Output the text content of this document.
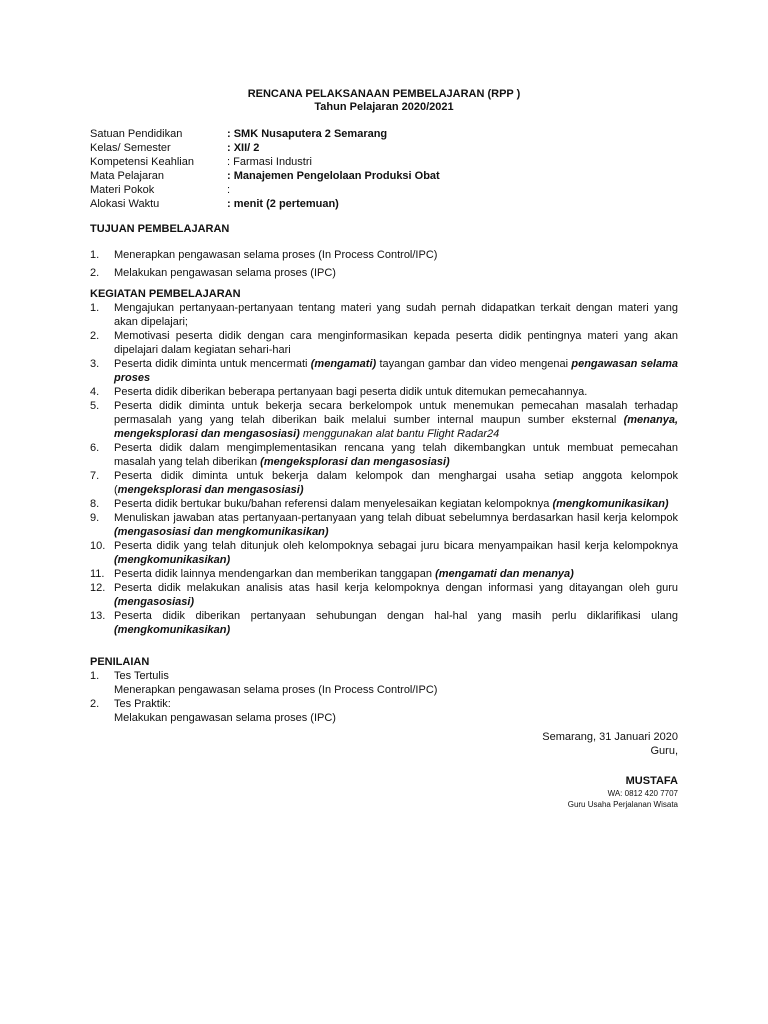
RENCANA PELAKSANAAN PEMBELAJARAN (RPP )
Tahun Pelajaran 2020/2021
Satuan Pendidikan	: SMK Nusaputera 2 Semarang
Kelas/ Semester	: XII/ 2
Kompetensi Keahlian	: Farmasi Industri
Mata Pelajaran	: Manajemen Pengelolaan Produksi Obat
Materi Pokok	:
Alokasi Waktu	: menit (2 pertemuan)
TUJUAN PEMBELAJARAN
1.	Menerapkan pengawasan selama proses (In Process Control/IPC)
2.	Melakukan pengawasan selama proses (IPC)
KEGIATAN PEMBELAJARAN
1.	Mengajukan pertanyaan-pertanyaan tentang materi yang sudah pernah didapatkan terkait dengan materi yang akan dipelajari;
2.	Memotivasi peserta didik dengan cara menginformasikan kepada peserta didik pentingnya materi yang akan dipelajari dalam kegiatan sehari-hari
3.	Peserta didik diminta untuk mencermati (mengamati) tayangan gambar dan video mengenai pengawasan selama proses
4.	Peserta didik diberikan beberapa pertanyaan bagi peserta didik untuk ditemukan pemecahannya.
5.	Peserta didik diminta untuk bekerja secara berkelompok untuk menemukan pemecahan masalah terhadap permasalah yang yang telah diberikan baik melalui sumber internal maupun sumber eksternal (menanya, mengeksplorasi dan mengasosiasi) menggunakan alat bantu Flight Radar24
6.	Peserta didik dalam mengimplementasikan rencana yang telah dikembangkan untuk membuat pemecahan masalah yang telah diberikan (mengeksplorasi dan mengasosiasi)
7.	Peserta didik diminta untuk bekerja dalam kelompok dan menghargai usaha setiap anggota kelompok (mengeksplorasi dan mengasosiasi)
8.	Peserta didik bertukar buku/bahan referensi dalam menyelesaikan kegiatan kelompoknya (mengkomunikasikan)
9.	Menuliskan jawaban atas pertanyaan-pertanyaan yang telah dibuat sebelumnya berdasarkan hasil kerja kelompok (mengasosiasi dan mengkomunikasikan)
10. Peserta didik yang telah ditunjuk oleh kelompoknya sebagai juru bicara menyampaikan hasil kerja kelompoknya (mengkomunikasikan)
11. Peserta didik lainnya mendengarkan dan memberikan tanggapan (mengamati dan menanya)
12. Peserta didik melakukan analisis atas hasil kerja kelompoknya dengan informasi yang ditayangan oleh guru (mengasosiasi)
13. Peserta didik diberikan pertanyaan sehubungan dengan hal-hal yang masih perlu diklarifikasi ulang (mengkomunikasikan)
PENILAIAN
1.	Tes Tertulis
Menerapkan pengawasan selama proses (In Process Control/IPC)
2.	Tes Praktik:
Melakukan pengawasan selama proses (IPC)
Semarang, 31 Januari 2020
Guru,
MUSTAFA
WA: 0812 420 7707
Guru Usaha Perjalanan Wisata
